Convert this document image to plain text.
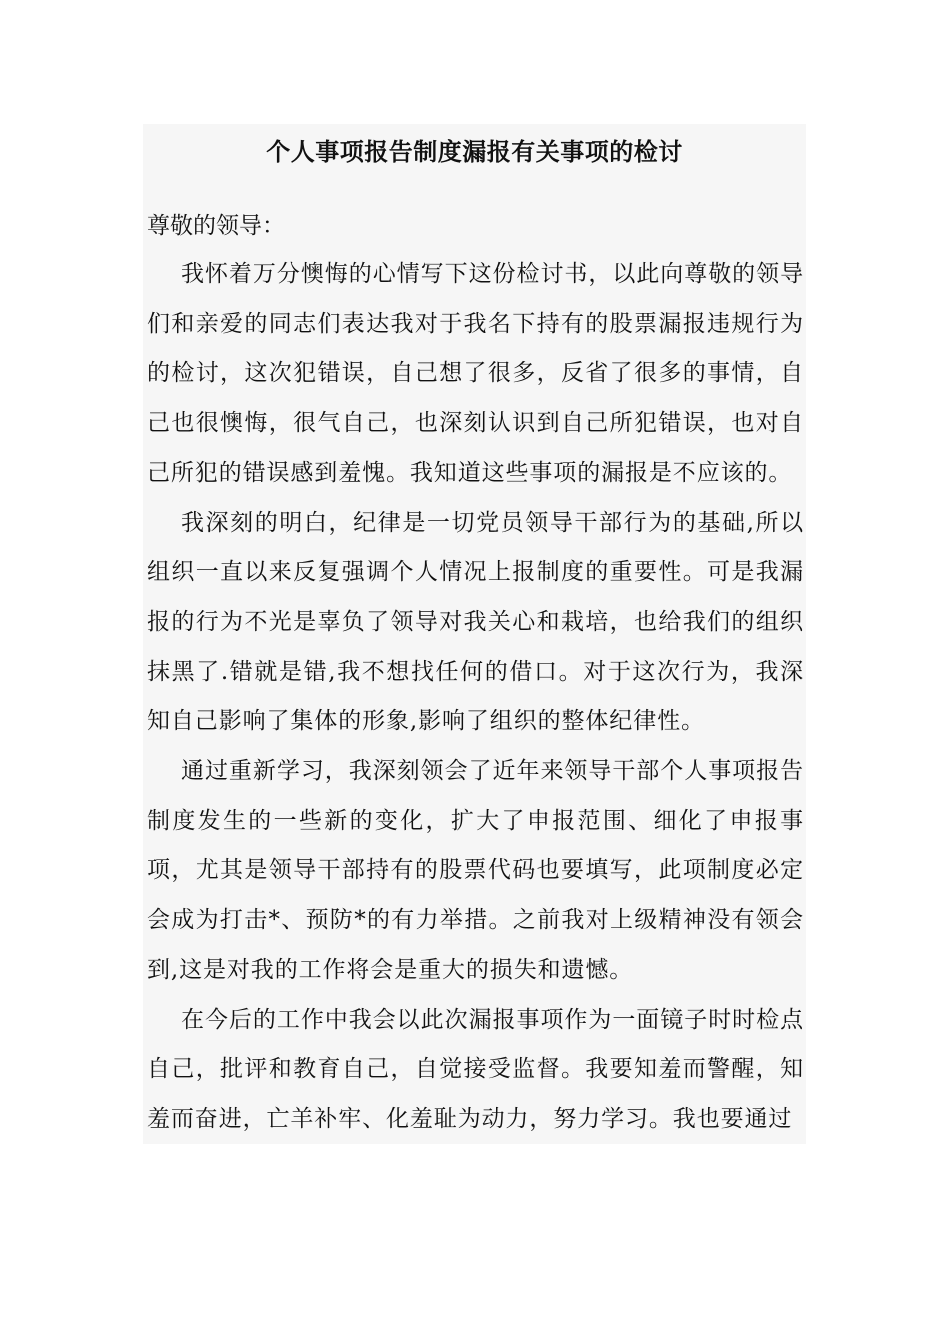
个人事项报告制度漏报有关事项的检讨
尊敬的领导：

我怀着万分懊悔的心情写下这份检讨书，以此向尊敬的领导们和亲爱的同志们表达我对于我名下持有的股票漏报违规行为的检讨，这次犯错误，自己想了很多，反省了很多的事情，自己也很懊悔，很气自己，也深刻认识到自己所犯错误，也对自己所犯的错误感到羞愧。我知道这些事项的漏报是不应该的。

我深刻的明白，纪律是一切党员领导干部行为的基础,所以组织一直以来反复强调个人情况上报制度的重要性。可是我漏报的行为不光是辜负了领导对我关心和栽培，也给我们的组织抹黑了.错就是错,我不想找任何的借口。对于这次行为，我深知自己影响了集体的形象,影响了组织的整体纪律性。

通过重新学习，我深刻领会了近年来领导干部个人事项报告制度发生的一些新的变化，扩大了申报范围、细化了申报事项，尤其是领导干部持有的股票代码也要填写，此项制度必定会成为打击*、预防*的有力举措。之前我对上级精神没有领会到,这是对我的工作将会是重大的损失和遗憾。

在今后的工作中我会以此次漏报事项作为一面镜子时时检点自己，批评和教育自己，自觉接受监督。我要知羞而警醒，知羞而奋进，亡羊补牢、化羞耻为动力，努力学习。我也要通过
